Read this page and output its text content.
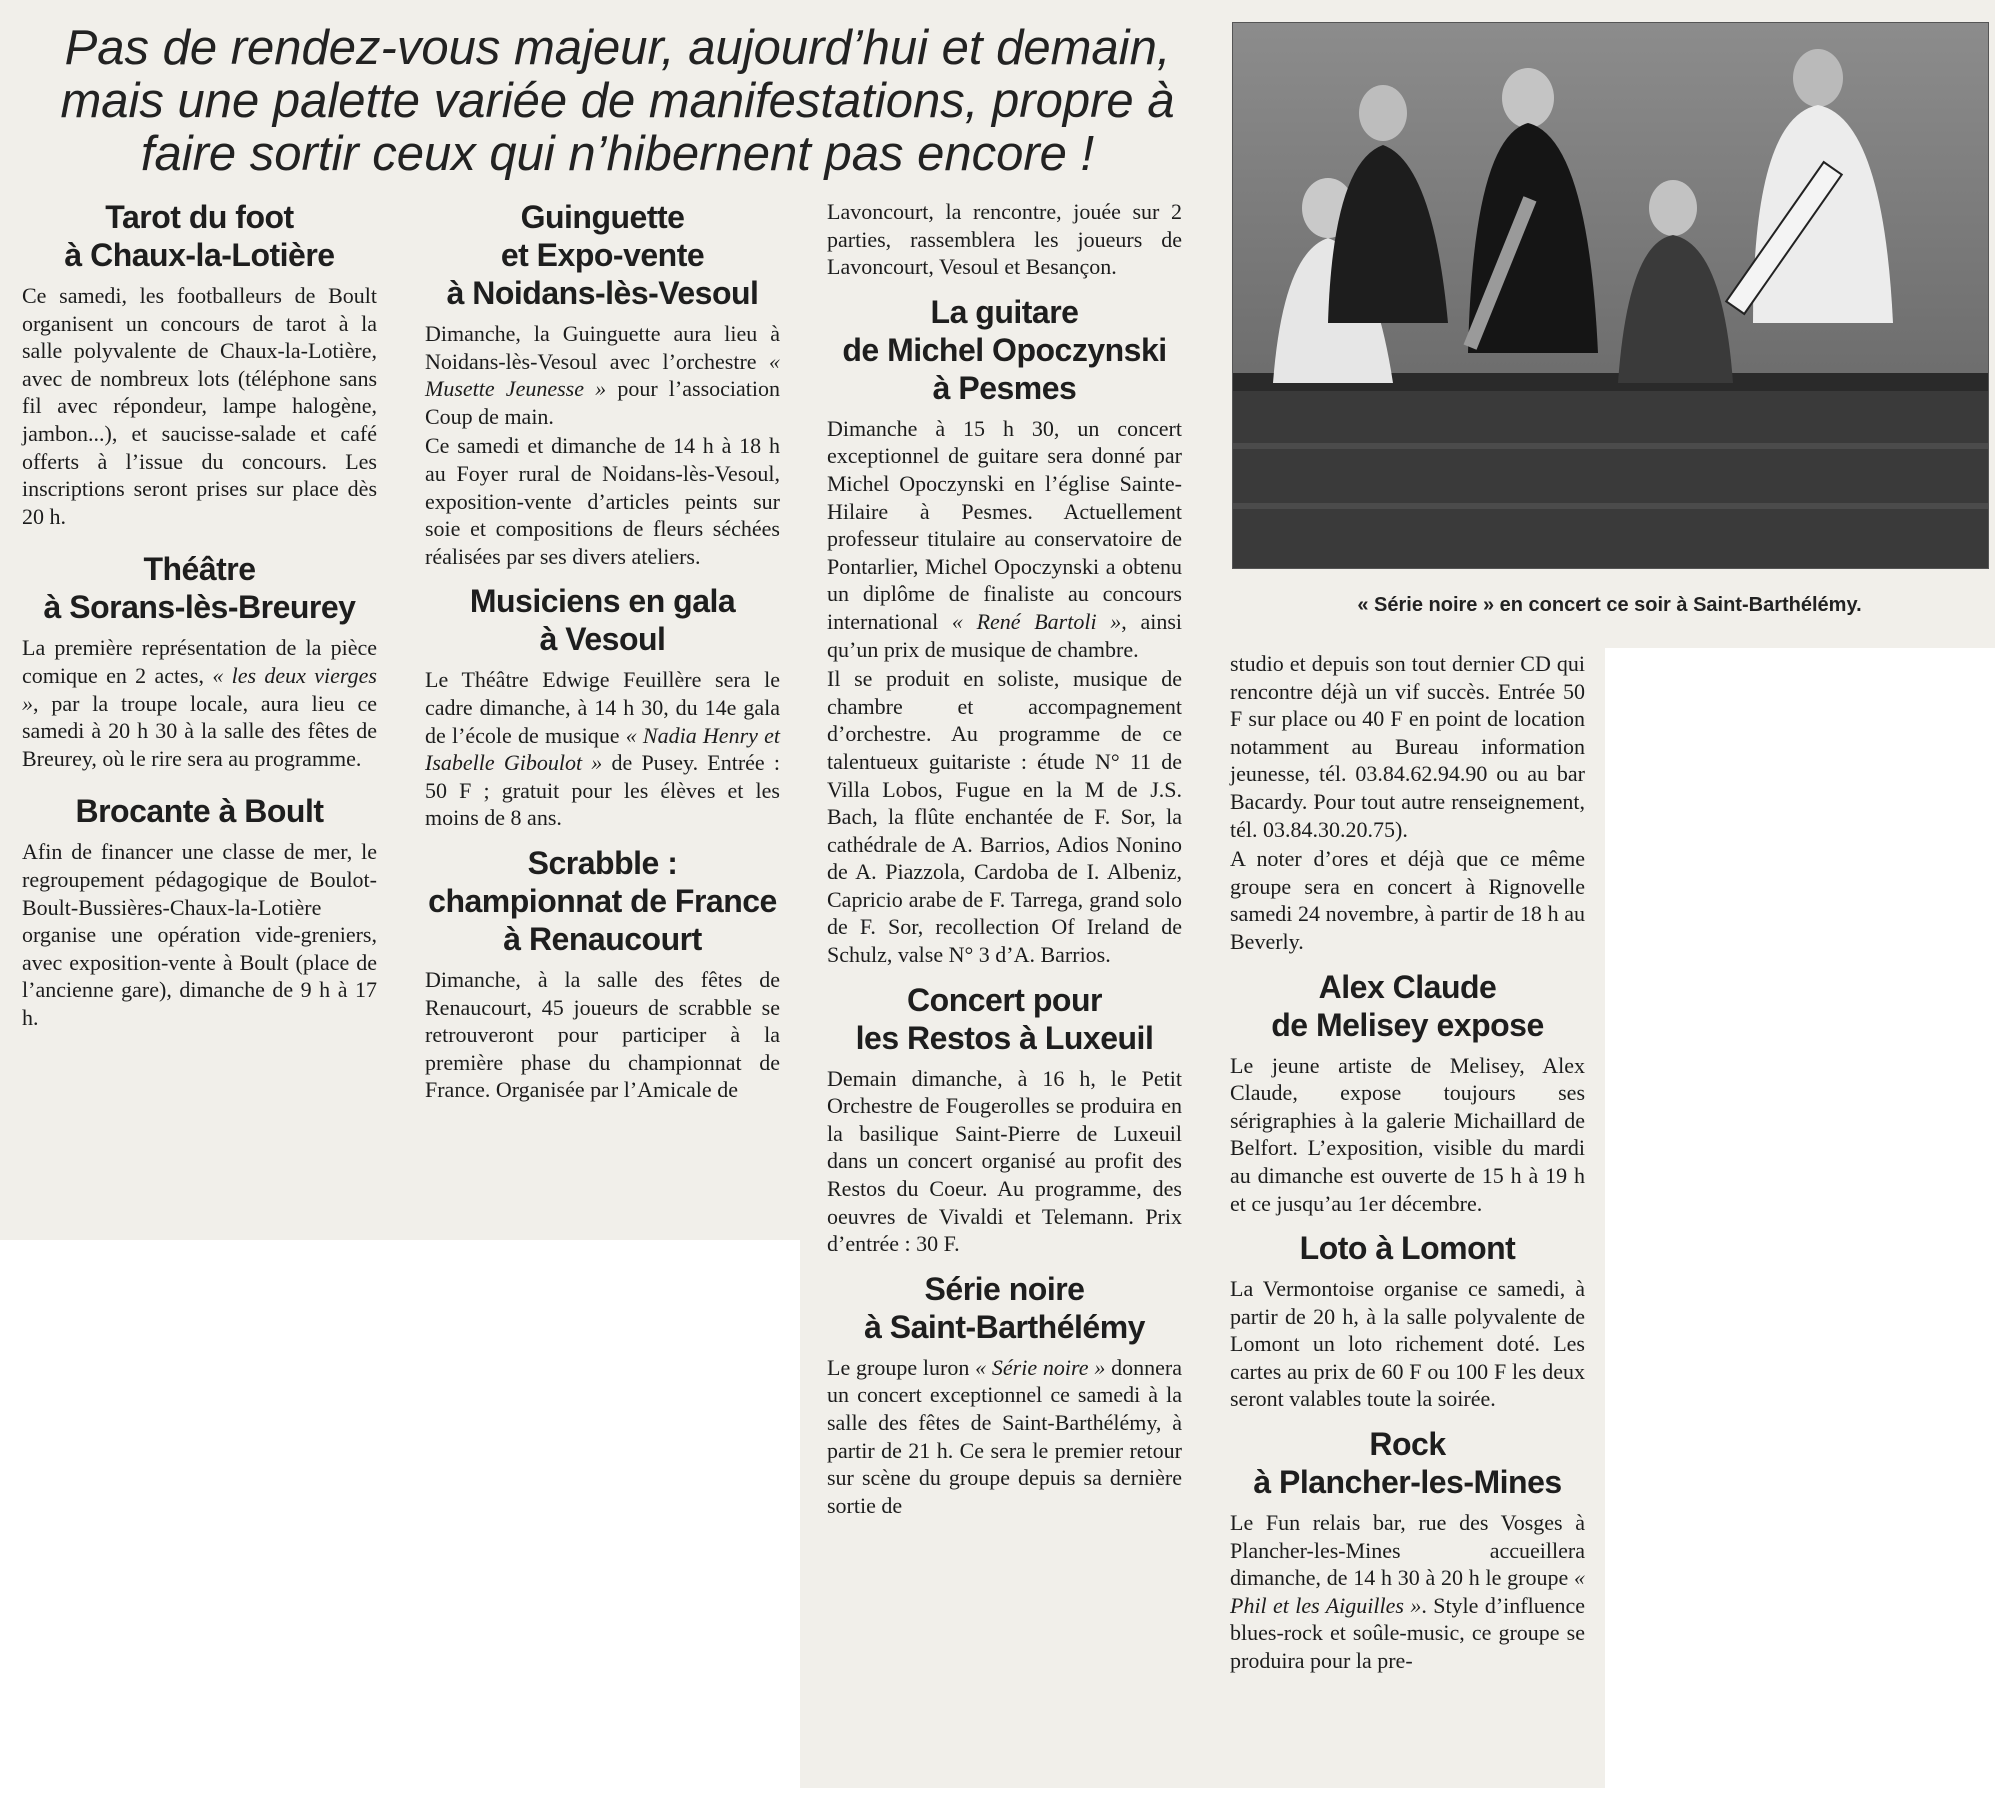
Pas de rendez-vous majeur, aujourd’hui et demain, mais une palette variée de manifestations, propre à faire sortir ceux qui n’hibernent pas encore !
Tarot du foot
à Chaux-la-Lotière

Ce samedi, les footballeurs de Boult organisent un concours de tarot à la salle polyvalente de Chaux-la-Lotière, avec de nombreux lots (téléphone sans fil avec répondeur, lampe halogène, jambon...), et saucisse-salade et café offerts à l’issue du concours. Les inscriptions seront prises sur place dès 20 h.

Théâtre
à Sorans-lès-Breurey

La première représentation de la pièce comique en 2 actes, « les deux vierges », par la troupe locale, aura lieu ce samedi à 20 h 30 à la salle des fêtes de Breurey, où le rire sera au programme.

Brocante à Boult

Afin de financer une classe de mer, le regroupement pédagogique de Boulot-Boult-Bussières-Chaux-la-Lotière organise une opération vide-greniers, avec exposition-vente à Boult (place de l’ancienne gare), dimanche de 9 h à 17 h.

Guinguette
et Expo-vente
à Noidans-lès-Vesoul

Dimanche, la Guinguette aura lieu à Noidans-lès-Vesoul avec l’orchestre « Musette Jeunesse » pour l’association Coup de main.

Ce samedi et dimanche de 14 h à 18 h au Foyer rural de Noidans-lès-Vesoul, exposition-vente d’articles peints sur soie et compositions de fleurs séchées réalisées par ses divers ateliers.

Musiciens en gala
à Vesoul

Le Théâtre Edwige Feuillère sera le cadre dimanche, à 14 h 30, du 14e gala de l’école de musique « Nadia Henry et Isabelle Giboulot » de Pusey. Entrée : 50 F ; gratuit pour les élèves et les moins de 8 ans.

Scrabble :
championnat de France
à Renaucourt

Dimanche, à la salle des fêtes de Renaucourt, 45 joueurs de scrabble se retrouveront pour participer à la première phase du championnat de France. Organisée par l’Amicale de

Lavoncourt, la rencontre, jouée sur 2 parties, rassemblera les joueurs de Lavoncourt, Vesoul et Besançon.

La guitare
de Michel Opoczynski
à Pesmes

Dimanche à 15 h 30, un concert exceptionnel de guitare sera donné par Michel Opoczynski en l’église Sainte-Hilaire à Pesmes. Actuellement professeur titulaire au conservatoire de Pontarlier, Michel Opoczynski a obtenu un diplôme de finaliste au concours international « René Bartoli », ainsi qu’un prix de musique de chambre.

Il se produit en soliste, musique de chambre et accompagnement d’orchestre. Au programme de ce talentueux guitariste : étude N° 11 de Villa Lobos, Fugue en la M de J.S. Bach, la flûte enchantée de F. Sor, la cathédrale de A. Barrios, Adios Nonino de A. Piazzola, Cardoba de I. Albeniz, Capricio arabe de F. Tarrega, grand solo de F. Sor, recollection Of Ireland de Schulz, valse N° 3 d’A. Barrios.

Concert pour
les Restos à Luxeuil

Demain dimanche, à 16 h, le Petit Orchestre de Fougerolles se produira en la basilique Saint-Pierre de Luxeuil dans un concert organisé au profit des Restos du Coeur. Au programme, des oeuvres de Vivaldi et Telemann. Prix d’entrée : 30 F.

Série noire
à Saint-Barthélémy

Le groupe luron « Série noire » donnera un concert exceptionnel ce samedi à la salle des fêtes de Saint-Barthélémy, à partir de 21 h. Ce sera le premier retour sur scène du groupe depuis sa dernière sortie de

« Série noire » en concert ce soir à Saint-Barthélémy.

studio et depuis son tout dernier CD qui rencontre déjà un vif succès. Entrée 50 F sur place ou 40 F en point de location notamment au Bureau information jeunesse, tél. 03.84.62.94.90 ou au bar Bacardy. Pour tout autre renseignement, tél. 03.84.30.20.75).

A noter d’ores et déjà que ce même groupe sera en concert à Rignovelle samedi 24 novembre, à partir de 18 h au Beverly.

Alex Claude
de Melisey expose

Le jeune artiste de Melisey, Alex Claude, expose toujours ses sérigraphies à la galerie Michaillard de Belfort. L’exposition, visible du mardi au dimanche est ouverte de 15 h à 19 h et ce jusqu’au 1er décembre.

Loto à Lomont

La Vermontoise organise ce samedi, à partir de 20 h, à la salle polyvalente de Lomont un loto richement doté. Les cartes au prix de 60 F ou 100 F les deux seront valables toute la soirée.

Rock
à Plancher-les-Mines

Le Fun relais bar, rue des Vosges à Plancher-les-Mines accueillera dimanche, de 14 h 30 à 20 h le groupe « Phil et les Aiguilles ». Style d’influence blues-rock et soûle-music, ce groupe se produira pour la pre-
